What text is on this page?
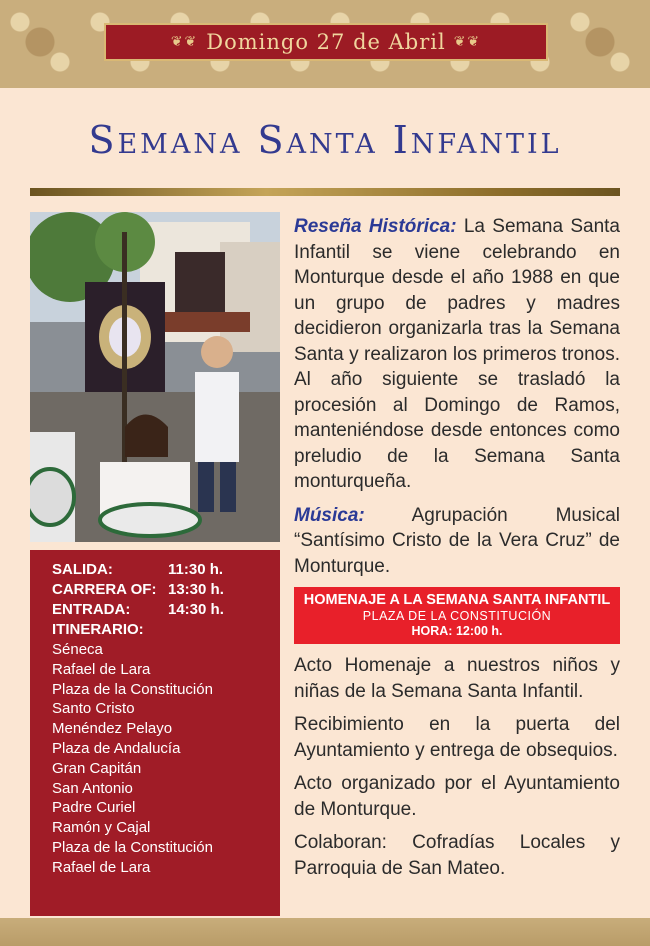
❦❦ Domingo 27 de Abril ❦❦
Semana Santa Infantil
SALIDA:	11:30 h.
CARRERA OF: 13:30 h.
ENTRADA:	14:30 h.
ITINERARIO:
Séneca
Rafael de Lara
Plaza de la Constitución
Santo Cristo
Menéndez Pelayo
Plaza de Andalucía
Gran Capitán
San Antonio
Padre Curiel
Ramón y Cajal
Plaza de la Constitución
Rafael de Lara

Reseña Histórica: La Semana Santa Infantil se viene celebrando en Monturque desde el año 1988 en que un grupo de padres y madres decidieron organizarla tras la Semana Santa y realizaron los primeros tronos. Al año siguiente se trasladó la procesión al Domingo de Ramos, manteniéndose desde entonces como preludio de la Semana Santa monturqueña.

Música: Agrupación Musical “Santísimo Cristo de la Vera Cruz” de Monturque.

HOMENAJE A LA SEMANA SANTA INFANTIL
PLAZA DE LA CONSTITUCIÓN
HORA: 12:00 h.

Acto Homenaje a nuestros niños y niñas de la Semana Santa Infantil.

Recibimiento en la puerta del Ayuntamiento y entrega de obsequios.

Acto organizado por el Ayuntamiento de Monturque.

Colaboran: Cofradías Locales y Parroquia de San Mateo.
